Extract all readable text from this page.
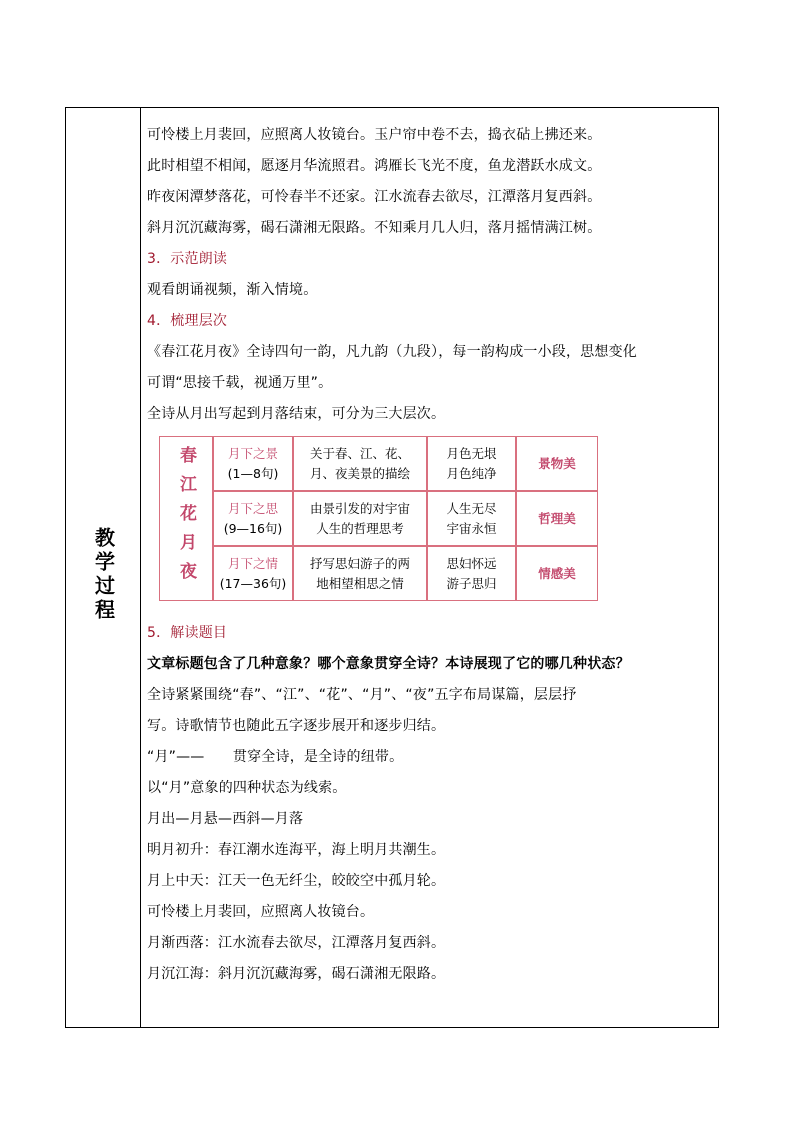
教学过程
可怜楼上月裴回，应照离人妆镜台。玉户帘中卷不去，捣衣砧上拂还来。
此时相望不相闻，愿逐月华流照君。鸿雁长飞光不度，鱼龙潜跃水成文。
昨夜闲潭梦落花，可怜春半不还家。江水流春去欲尽，江潭落月复西斜。
斜月沉沉藏海雾，碣石潇湘无限路。不知乘月几人归，落月摇情满江树。
3．示范朗读
观看朗诵视频，渐入情境。
4．梳理层次
《春江花月夜》全诗四句一韵，凡九韵（九段），每一韵构成一小段，思想变化
可谓“思接千载，视通万里”。
全诗从月出写起到月落结束，可分为三大层次。
春江花月夜	月下之景
(1—8句)
关于春、江、花、
月、夜美景的描绘
月色无垠
月色纯净
景物美
月下之思
(9—16句)
由景引发的对宇宙
人生的哲理思考
人生无尽
宇宙永恒
哲理美
月下之情
(17—36句)
抒写思妇游子的两
地相望相思之情
思妇怀远
游子思归
情感美
5．解读题目
文章标题包含了几种意象？哪个意象贯穿全诗？本诗展现了它的哪几种状态？
全诗紧紧围绕“春”、“江”、“花”、“月”、“夜”五字布局谋篇，层层抒
写。诗歌情节也随此五字逐步展开和逐步归结。
“月”——　　贯穿全诗，是全诗的纽带。
以“月”意象的四种状态为线索。
月出—月悬—西斜—月落
明月初升：春江潮水连海平，海上明月共潮生。
月上中天：江天一色无纤尘，皎皎空中孤月轮。
可怜楼上月裴回，应照离人妆镜台。
月渐西落：江水流春去欲尽，江潭落月复西斜。
月沉江海：斜月沉沉藏海雾，碣石潇湘无限路。
